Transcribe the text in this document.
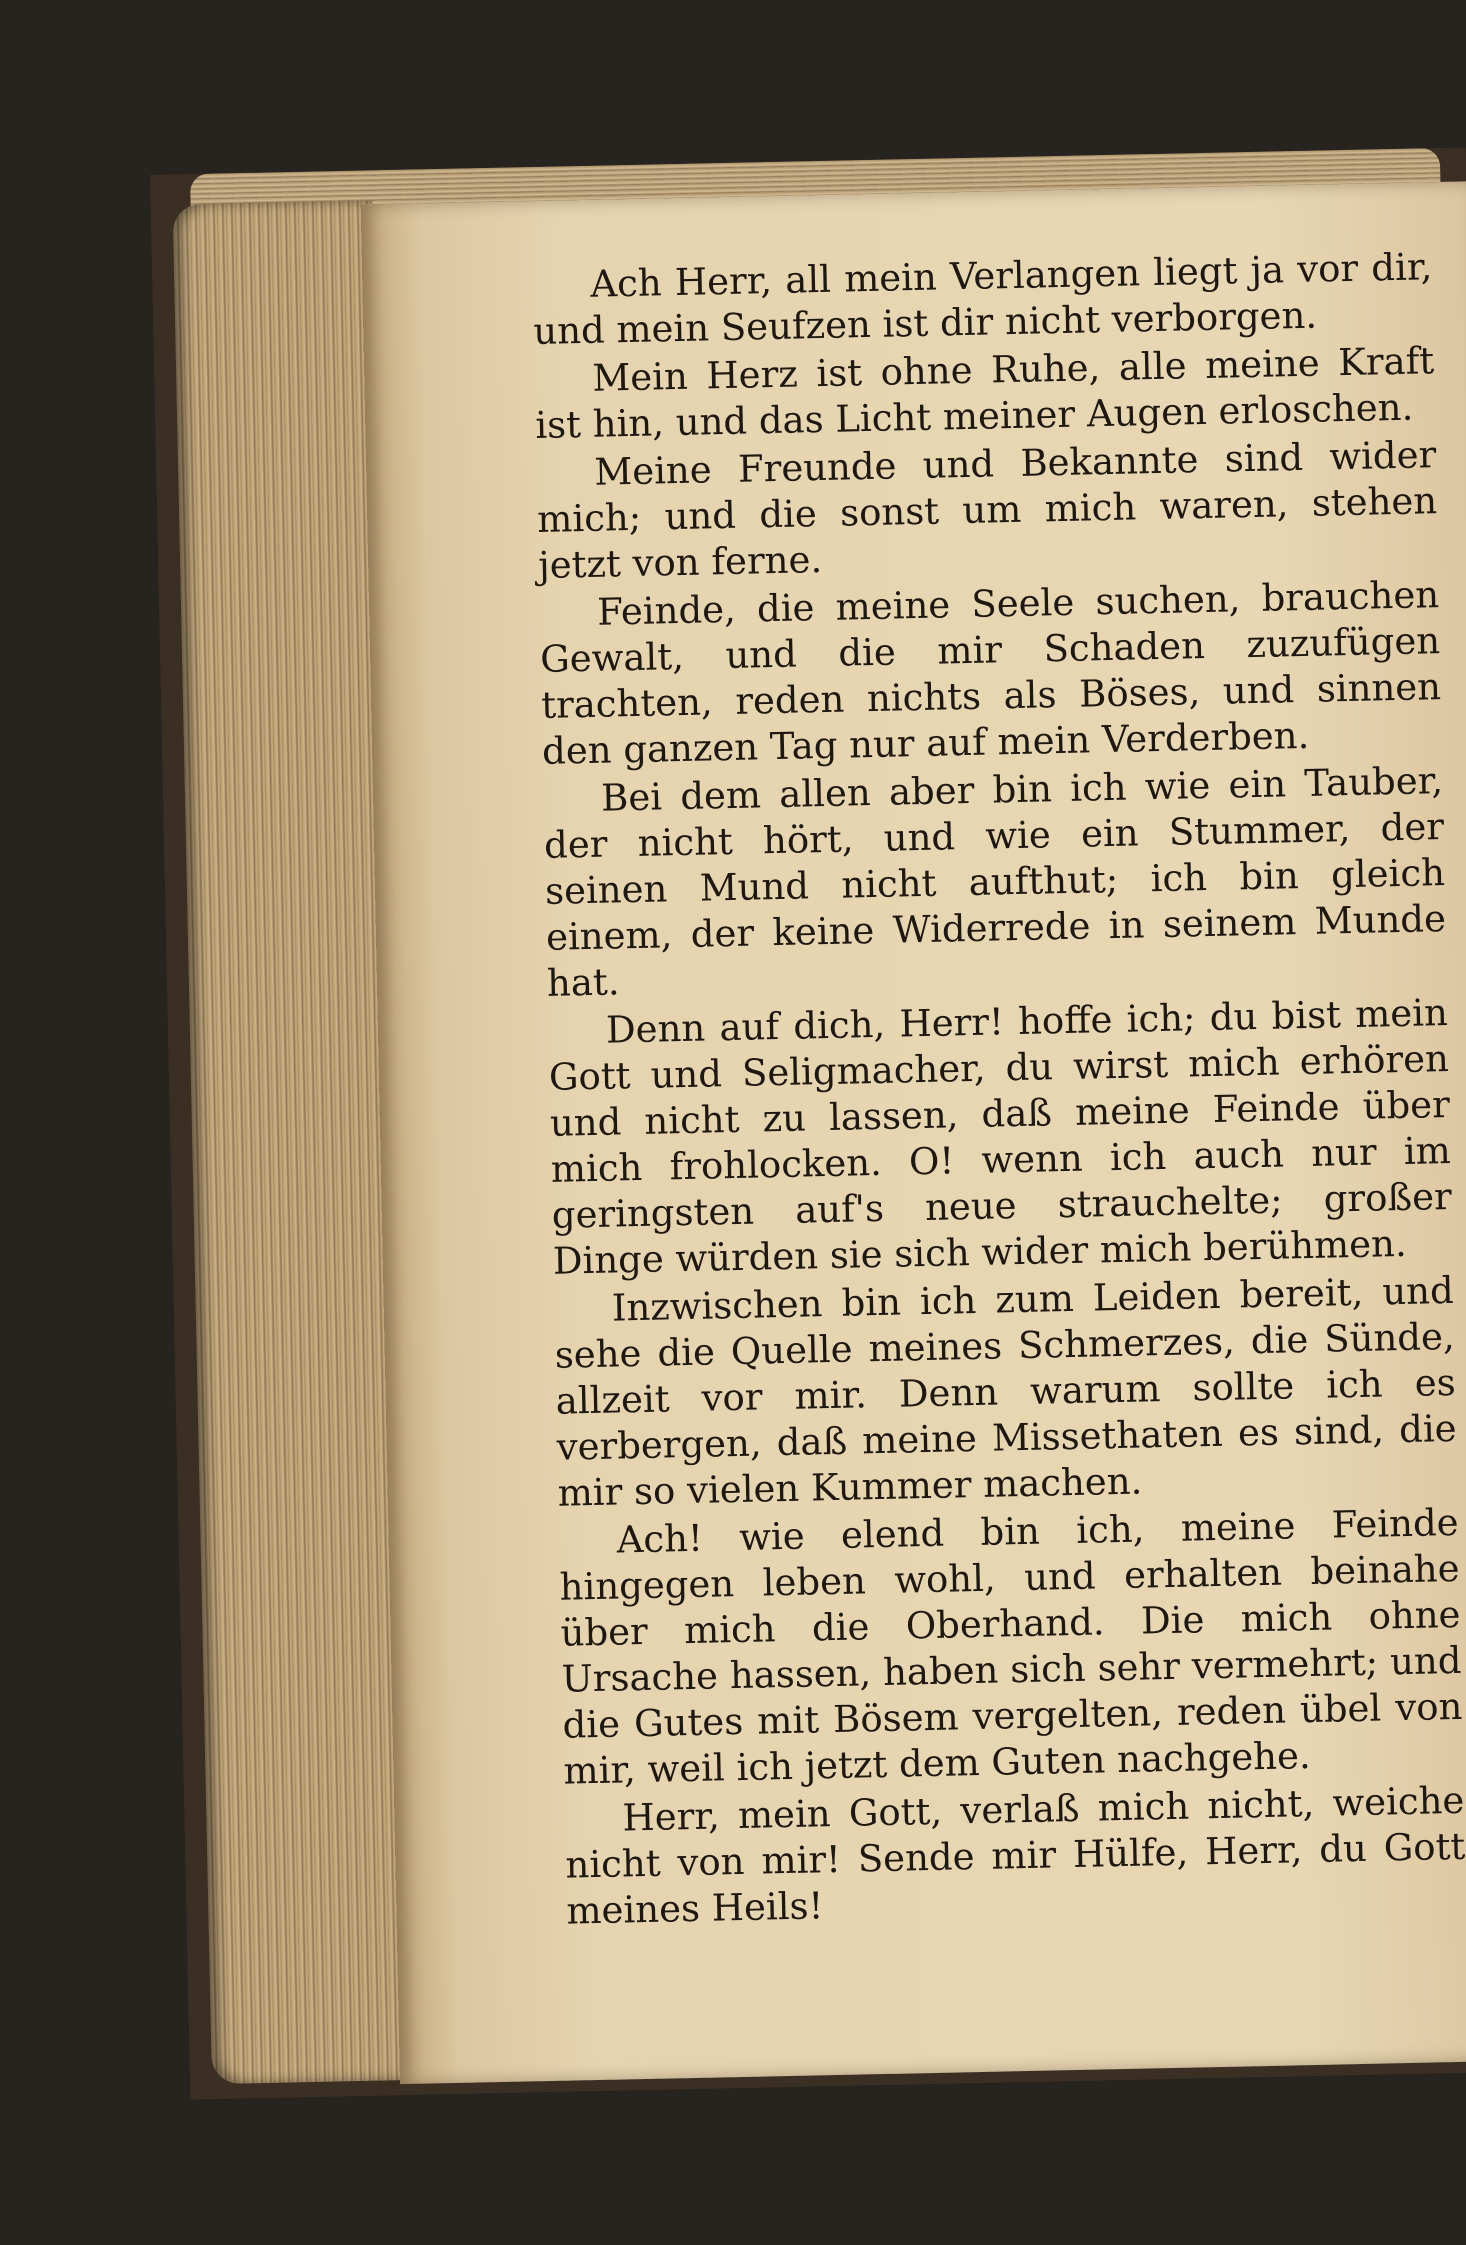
Ach Herr, all mein Verlangen liegt ja vor dir, und mein Seufzen ist dir nicht verborgen.

Mein Herz ist ohne Ruhe, alle meine Kraft ist hin, und das Licht meiner Augen erloschen.

Meine Freunde und Bekannte sind wider mich; und die sonst um mich waren, stehen jetzt von ferne.

Feinde, die meine Seele suchen, brauchen Gewalt, und die mir Schaden zuzufügen trachten, reden nichts als Böses, und sinnen den ganzen Tag nur auf mein Verderben.

Bei dem allen aber bin ich wie ein Tauber, der nicht hört, und wie ein Stummer, der seinen Mund nicht aufthut; ich bin gleich einem, der keine Widerrede in seinem Munde hat.

Denn auf dich, Herr! hoffe ich; du bist mein Gott und Seligmacher, du wirst mich erhören und nicht zu lassen, daß meine Feinde über mich frohlocken. O! wenn ich auch nur im geringsten auf's neue strauchelte; großer Dinge würden sie sich wider mich berühmen.

Inzwischen bin ich zum Leiden bereit, und sehe die Quelle meines Schmerzes, die Sünde, allzeit vor mir. Denn warum sollte ich es verbergen, daß meine Missethaten es sind, die mir so vielen Kummer machen.

Ach! wie elend bin ich, meine Feinde hingegen leben wohl, und erhalten beinahe über mich die Oberhand. Die mich ohne Ursache hassen, haben sich sehr vermehrt; und die Gutes mit Bösem vergelten, reden übel von mir, weil ich jetzt dem Guten nachgehe.

Herr, mein Gott, verlaß mich nicht, weiche nicht von mir! Sende mir Hülfe, Herr, du Gott meines Heils!
